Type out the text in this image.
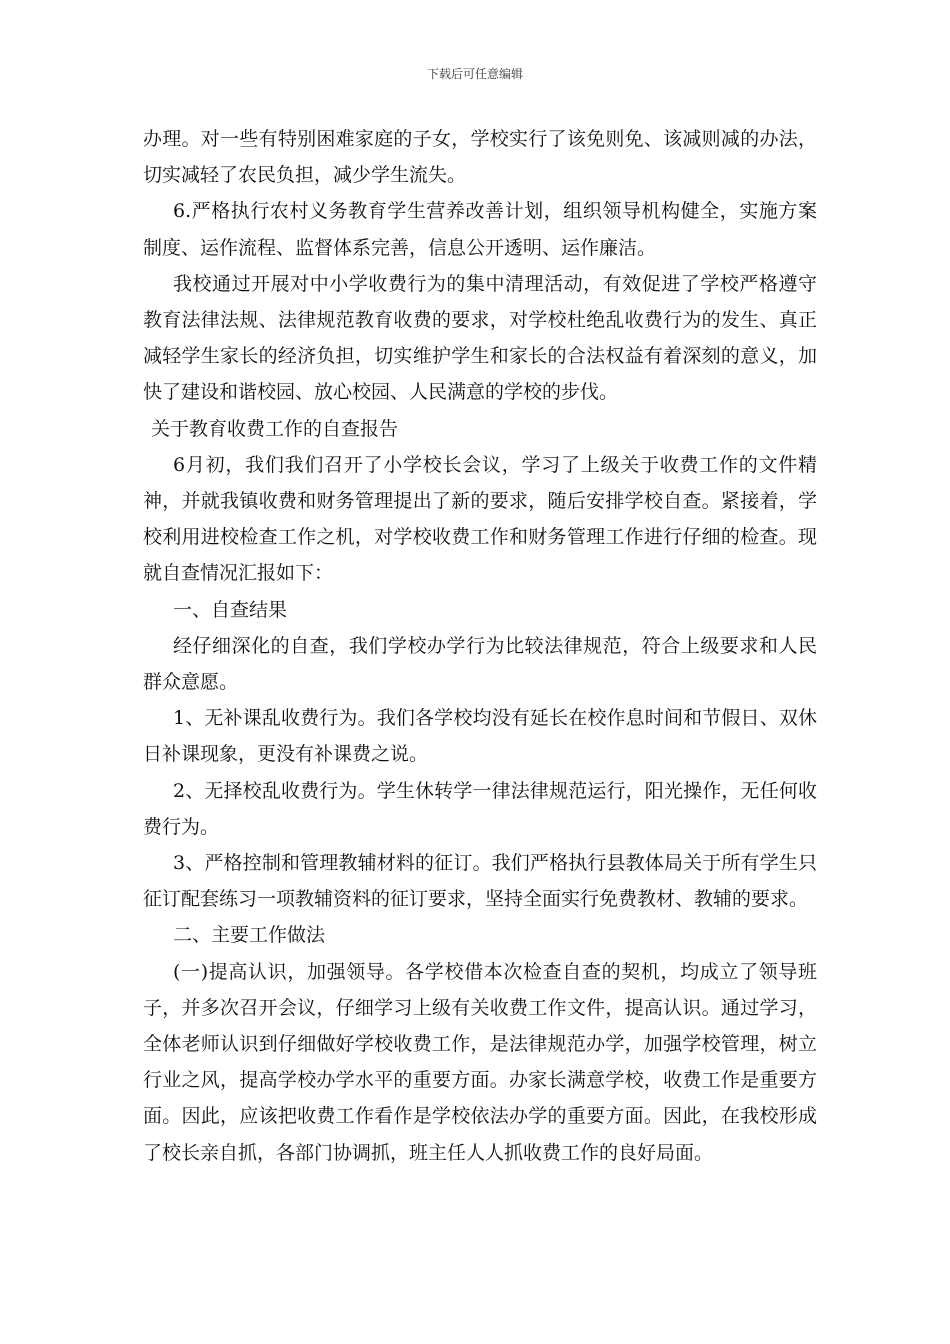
下载后可任意编辑

办理。对一些有特别困难家庭的子女，学校实行了该免则免、该减则减的办法，切实减轻了农民负担，减少学生流失。

6.严格执行农村义务教育学生营养改善计划，组织领导机构健全，实施方案制度、运作流程、监督体系完善，信息公开透明、运作廉洁。

我校通过开展对中小学收费行为的集中清理活动，有效促进了学校严格遵守教育法律法规、法律规范教育收费的要求，对学校杜绝乱收费行为的发生、真正减轻学生家长的经济负担，切实维护学生和家长的合法权益有着深刻的意义，加快了建设和谐校园、放心校园、人民满意的学校的步伐。

关于教育收费工作的自查报告

6月初，我们我们召开了小学校长会议，学习了上级关于收费工作的文件精神，并就我镇收费和财务管理提出了新的要求，随后安排学校自查。紧接着，学校利用进校检查工作之机，对学校收费工作和财务管理工作进行仔细的检查。现就自查情况汇报如下：

一、自查结果

经仔细深化的自查，我们学校办学行为比较法律规范，符合上级要求和人民群众意愿。

1、无补课乱收费行为。我们各学校均没有延长在校作息时间和节假日、双休日补课现象，更没有补课费之说。

2、无择校乱收费行为。学生休转学一律法律规范运行，阳光操作，无任何收费行为。

3、严格控制和管理教辅材料的征订。我们严格执行县教体局关于所有学生只征订配套练习一项教辅资料的征订要求，坚持全面实行免费教材、教辅的要求。

二、主要工作做法

(一)提高认识，加强领导。各学校借本次检查自查的契机，均成立了领导班子，并多次召开会议，仔细学习上级有关收费工作文件，提高认识。通过学习，全体老师认识到仔细做好学校收费工作，是法律规范办学，加强学校管理，树立行业之风，提高学校办学水平的重要方面。办家长满意学校，收费工作是重要方面。因此，应该把收费工作看作是学校依法办学的重要方面。因此，在我校形成了校长亲自抓，各部门协调抓，班主任人人抓收费工作的良好局面。
